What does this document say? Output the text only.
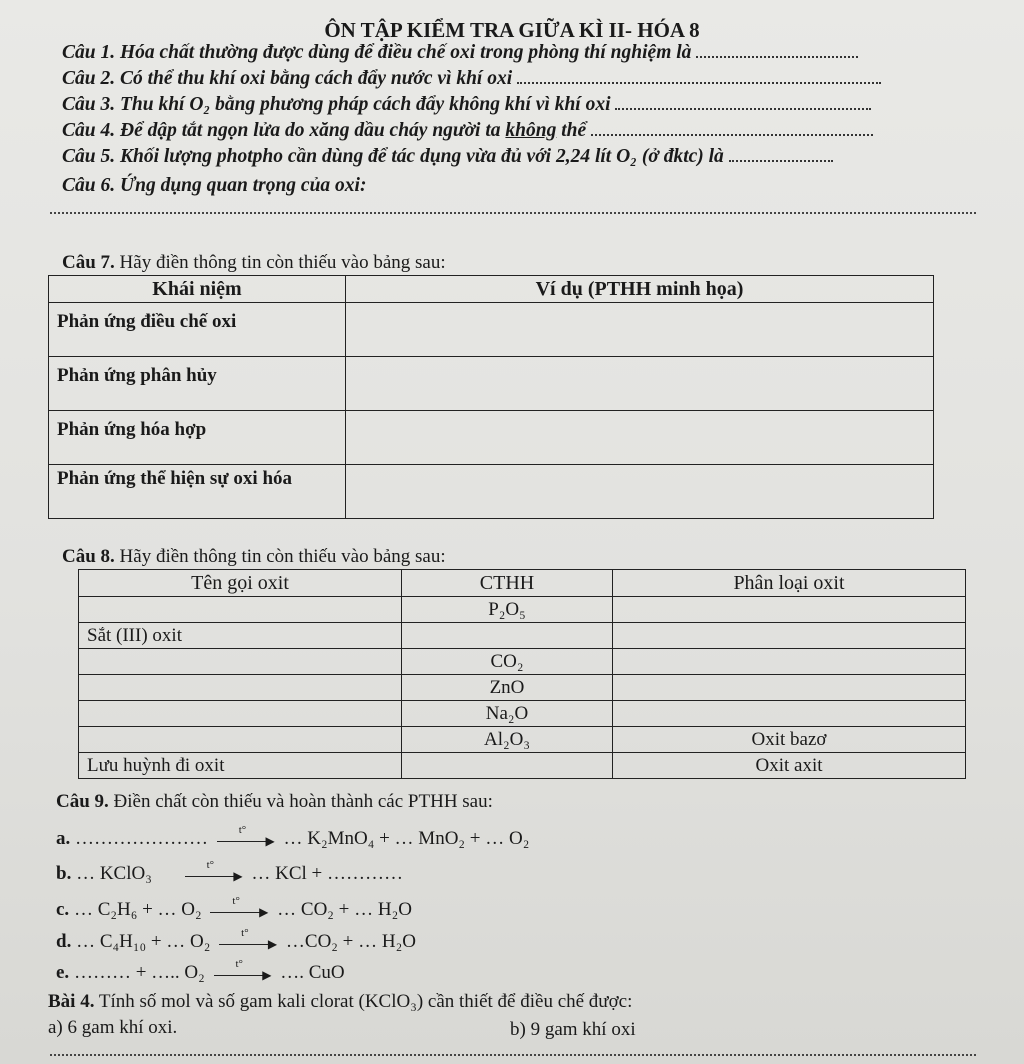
ÔN TẬP KIỂM TRA GIỮA KÌ II- HÓA 8
Câu 1. Hóa chất thường được dùng để điều chế oxi trong phòng thí nghiệm là
Câu 2. Có thể thu khí oxi bằng cách đẩy nước vì khí oxi
Câu 3. Thu khí O₂ bằng phương pháp cách đẩy không khí vì khí oxi
Câu 4. Để dập tắt ngọn lửa do xăng dầu cháy người ta không thể
Câu 5. Khối lượng photpho cần dùng để tác dụng vừa đủ với 2,24 lít O₂ (ở đktc) là
Câu 6. Ứng dụng quan trọng của oxi:
Câu 7. Hãy điền thông tin còn thiếu vào bảng sau:
Khái niệm	Ví dụ (PTHH minh họa)
Phản ứng điều chế oxi	
Phản ứng phân hủy	
Phản ứng hóa hợp	
Phản ứng thể hiện sự oxi hóa	
Câu 8. Hãy điền thông tin còn thiếu vào bảng sau:
Tên gọi oxit	CTHH	Phân loại oxit
	P₂O₅	
Sắt (III) oxit		
	CO₂	
	ZnO	
	Na₂O	
	Al₂O₃	Oxit bazơ
Lưu huỳnh đi oxit		Oxit axit
Câu 9. Điền chất còn thiếu và hoàn thành các PTHH sau:
a. …………………	t°
▶ … K₂MnO₄ + … MnO₂ + … O₂
b. … KClO₃	t°
▶ … KCl + …………
c. … C₂H₆ + … O₂	t°
▶ … CO₂ + … H₂O
d. … C₄H₁₀ + … O₂	t°
▶ …CO₂ + … H₂O
e. ……… + ….. O₂	t°
▶ …. CuO
Bài 4. Tính số mol và số gam kali clorat (KClO₃) cần thiết để điều chế được:
a) 6 gam khí oxi.	b) 9 gam khí oxi
